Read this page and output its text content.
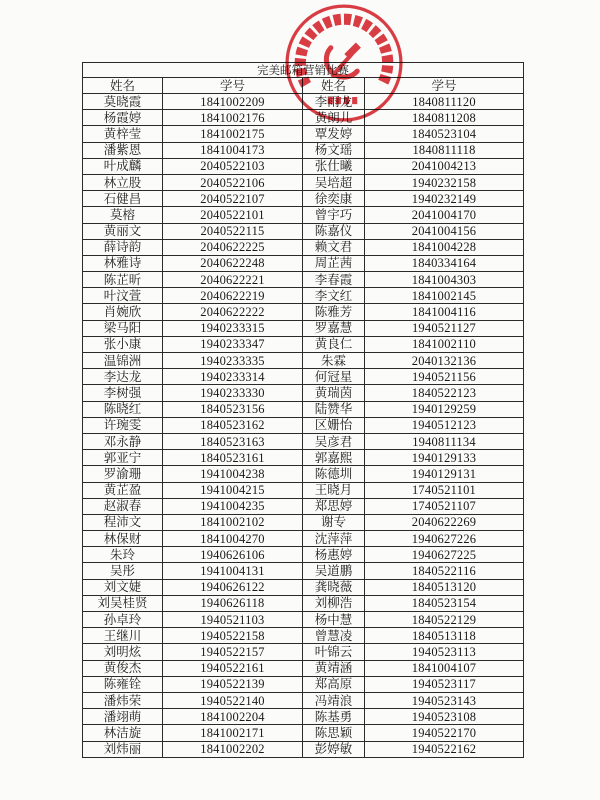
完美邮箱营销比赛			
姓名	学号	姓名	学号
莫晓霞	1841002209	李雨龙	1840811120
杨霞婷	1841002176	黄朗儿	1840811208
黄梓莹	1841002175	覃发婷	1840523104
潘紫恩	1841004173	杨文瑶	1840811118
叶成麟	2040522103	张仕曦	2041004213
林立股	2040522106	吴培超	1940232158
石健昌	2040522107	徐奕康	1940232149
莫榕	2040522101	曾宇巧	2041004170
黄丽文	2040522115	陈嘉仪	2041004156
薛诗韵	2040622225	赖文君	1841004228
林雅诗	2040622248	周芷茜	1840334164
陈芷昕	2040622221	李春霞	1841004303
叶汶萱	2040622219	李文红	1841002145
肖婉欣	2040622222	陈雅芳	1841004116
梁马阳	1940233315	罗嘉慧	1940521127
张小康	1940233347	黄良仁	1841002110
温锦洲	1940233335	朱霖	2040132136
李达龙	1940233314	何冠星	1940521156
李树强	1940233330	黄瑞茵	1840522123
陈晓红	1840523156	陆赞华	1940129259
许琬雯	1840523162	区姗怡	1940512123
邓永静	1840523163	吴彦君	1940811134
郭亚宁	1840523161	郭嘉熙	1940129133
罗渝珊	1941004238	陈德圳	1940129131
黄芷盈	1941004215	王晓月	1740521101
赵淑春	1941004235	郑思婷	1740521107
程沛文	1841002102	谢专	2040622269
林保财	1841004270	沈萍萍	1940627226
朱玲	1940626106	杨惠婷	1940627225
吴彤	1941004131	吴道鹏	1840522116
刘文婕	1940626122	龚晓薇	1840513120
刘吴桂贤	1940626118	刘柳浩	1840523154
孙卓玲	1940521103	杨中慧	1840522129
王继川	1940522158	曾慧凌	1840513118
刘明炫	1940522157	叶锦云	1940523113
黄俊杰	1940522161	黄靖涵	1841004107
陈雍铨	1940522139	郑高原	1940523117
潘炜荣	1940522140	冯靖浪	1940523143
潘翊萌	1841002204	陈基勇	1940523108
林洁旋	1841002171	陈思颖	1940522170
刘炜丽	1841002202	彭婷敏	1940522162
